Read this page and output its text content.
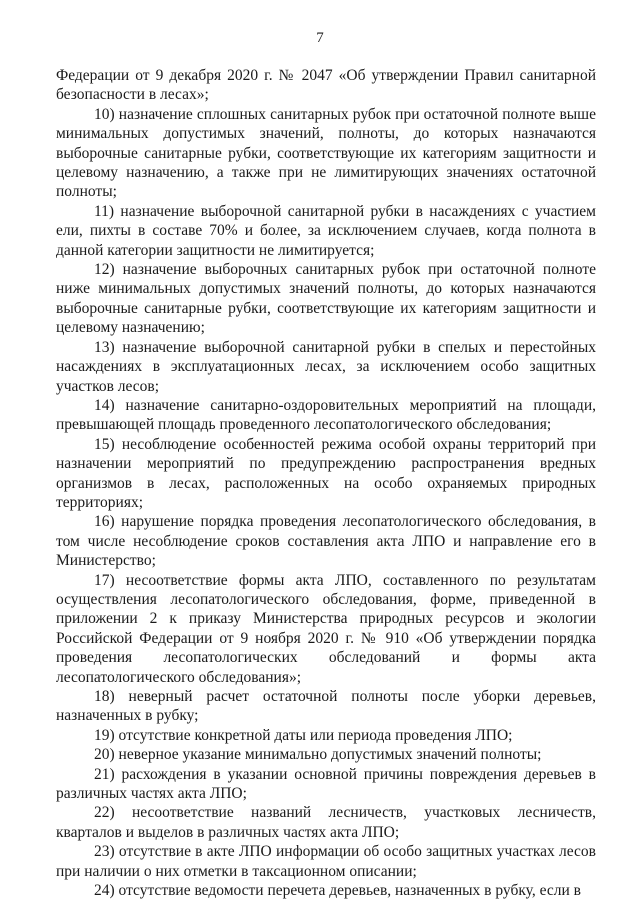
7

Федерации от 9 декабря 2020 г. № 2047 «Об утверждении Правил санитарной безопасности в лесах»;

10) назначение сплошных санитарных рубок при остаточной полноте выше минимальных допустимых значений, полноты, до которых назначаются выборочные санитарные рубки, соответствующие их категориям защитности и целевому назначению, а также при не лимитирующих значениях остаточной полноты;

11) назначение выборочной санитарной рубки в насаждениях с участием ели, пихты в составе 70% и более, за исключением случаев, когда полнота в данной категории защитности не лимитируется;

12) назначение выборочных санитарных рубок при остаточной полноте ниже минимальных допустимых значений полноты, до которых назначаются выборочные санитарные рубки, соответствующие их категориям защитности и целевому назначению;

13) назначение выборочной санитарной рубки в спелых и перестойных насаждениях в эксплуатационных лесах, за исключением особо защитных участков лесов;

14) назначение санитарно-оздоровительных мероприятий на площади, превышающей площадь проведенного лесопатологического обследования;

15) несоблюдение особенностей режима особой охраны территорий при назначении мероприятий по предупреждению распространения вредных организмов в лесах, расположенных на особо охраняемых природных территориях;

16) нарушение порядка проведения лесопатологического обследования, в том числе несоблюдение сроков составления акта ЛПО и направление его в Министерство;

17) несоответствие формы акта ЛПО, составленного по результатам осуществления лесопатологического обследования, форме, приведенной в приложении 2 к приказу Министерства природных ресурсов и экологии Российской Федерации от 9 ноября 2020 г. № 910 «Об утверждении порядка проведения лесопатологических обследований и формы акта лесопатологического обследования»;

18) неверный расчет остаточной полноты после уборки деревьев, назначенных в рубку;

19) отсутствие конкретной даты или периода проведения ЛПО;

20) неверное указание минимально допустимых значений полноты;

21) расхождения в указании основной причины повреждения деревьев в различных частях акта ЛПО;

22) несоответствие названий лесничеств, участковых лесничеств, кварталов и выделов в различных частях акта ЛПО;

23) отсутствие в акте ЛПО информации об особо защитных участках лесов при наличии о них отметки в таксационном описании;

24) отсутствие ведомости перечета деревьев, назначенных в рубку, если в
